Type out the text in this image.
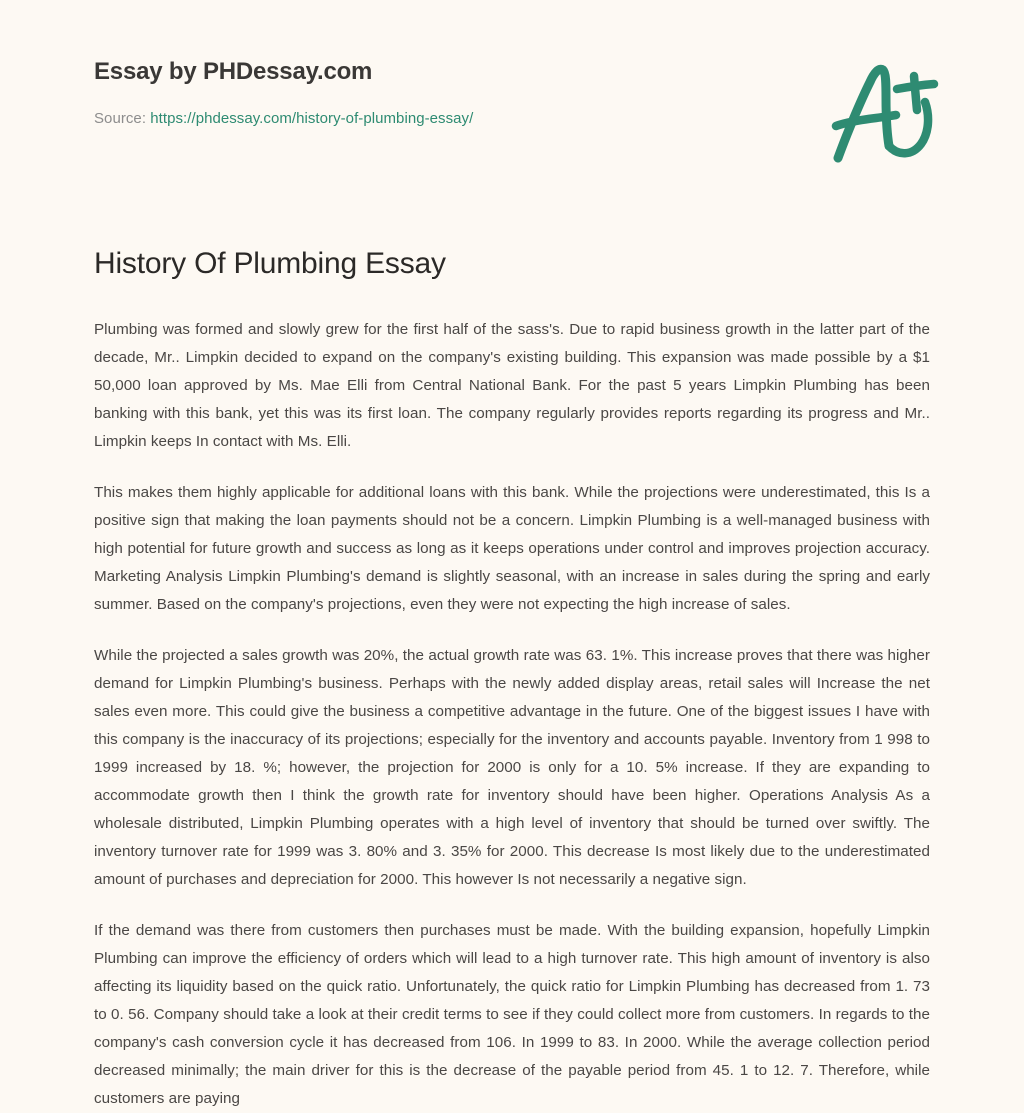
Essay by PHDessay.com
Source: https://phdessay.com/history-of-plumbing-essay/
History Of Plumbing Essay

Plumbing was formed and slowly grew for the first half of the sass's. Due to rapid business growth in the latter part of the decade, Mr.. Limpkin decided to expand on the company's existing building. This expansion was made possible by a $1 50,000 loan approved by Ms. Mae Elli from Central National Bank. For the past 5 years Limpkin Plumbing has been banking with this bank, yet this was its first loan. The company regularly provides reports regarding its progress and Mr.. Limpkin keeps In contact with Ms. Elli.

This makes them highly applicable for additional loans with this bank. While the projections were underestimated, this Is a positive sign that making the loan payments should not be a concern. Limpkin Plumbing is a well-managed business with high potential for future growth and success as long as it keeps operations under control and improves projection accuracy. Marketing Analysis Limpkin Plumbing's demand is slightly seasonal, with an increase in sales during the spring and early summer. Based on the company's projections, even they were not expecting the high increase of sales.

While the projected a sales growth was 20%, the actual growth rate was 63. 1%. This increase proves that there was higher demand for Limpkin Plumbing's business. Perhaps with the newly added display areas, retail sales will Increase the net sales even more. This could give the business a competitive advantage in the future. One of the biggest issues I have with this company is the inaccuracy of its projections; especially for the inventory and accounts payable. Inventory from 1 998 to 1999 increased by 18. %; however, the projection for 2000 is only for a 10. 5% increase. If they are expanding to accommodate growth then I think the growth rate for inventory should have been higher. Operations Analysis As a wholesale distributed, Limpkin Plumbing operates with a high level of inventory that should be turned over swiftly. The inventory turnover rate for 1999 was 3. 80% and 3. 35% for 2000. This decrease Is most likely due to the underestimated amount of purchases and depreciation for 2000. This however Is not necessarily a negative sign.

If the demand was there from customers then purchases must be made. With the building expansion, hopefully Limpkin Plumbing can improve the efficiency of orders which will lead to a high turnover rate. This high amount of inventory is also affecting its liquidity based on the quick ratio. Unfortunately, the quick ratio for Limpkin Plumbing has decreased from 1. 73 to 0. 56. Company should take a look at their credit terms to see if they could collect more from customers. In regards to the company's cash conversion cycle it has decreased from 106. In 1999 to 83. In 2000. While the average collection period decreased minimally; the main driver for this is the decrease of the payable period from 45. 1 to 12. 7. Therefore, while customers are paying
